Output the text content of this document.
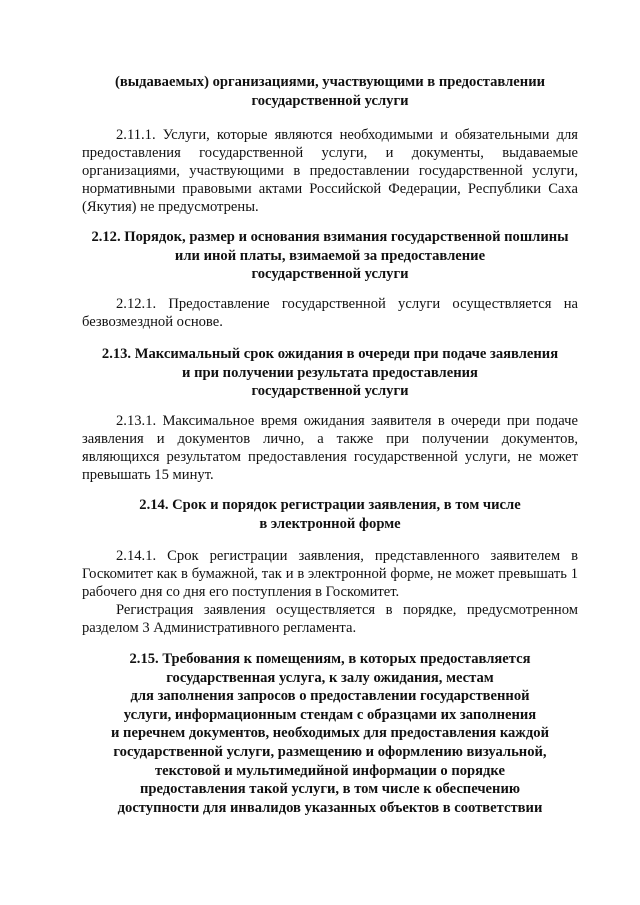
(выдаваемых) организациями, участвующими в предоставлении
государственной услуги
2.11.1. Услуги, которые являются необходимыми и обязательными для предоставления государственной услуги, и документы, выдаваемые организациями, участвующими в предоставлении государственной услуги, нормативными правовыми актами Российской Федерации, Республики Саха (Якутия) не предусмотрены.
2.12. Порядок, размер и основания взимания государственной пошлины
или иной платы, взимаемой за предоставление
государственной услуги
2.12.1. Предоставление государственной услуги осуществляется на безвозмездной основе.
2.13. Максимальный срок ожидания в очереди при подаче заявления
и при получении результата предоставления
государственной услуги
2.13.1. Максимальное время ожидания заявителя в очереди при подаче заявления и документов лично, а также при получении документов, являющихся результатом предоставления государственной услуги, не может превышать 15 минут.
2.14. Срок и порядок регистрации заявления, в том числе
в электронной форме
2.14.1. Срок регистрации заявления, представленного заявителем в Госкомитет как в бумажной, так и в электронной форме, не может превышать 1 рабочего дня со дня его поступления в Госкомитет.
Регистрация заявления осуществляется в порядке, предусмотренном разделом 3 Административного регламента.
2.15. Требования к помещениям, в которых предоставляется
государственная услуга, к залу ожидания, местам
для заполнения запросов о предоставлении государственной
услуги, информационным стендам с образцами их заполнения
и перечнем документов, необходимых для предоставления каждой
государственной услуги, размещению и оформлению визуальной,
текстовой и мультимедийной информации о порядке
предоставления такой услуги, в том числе к обеспечению
доступности для инвалидов указанных объектов в соответствии
